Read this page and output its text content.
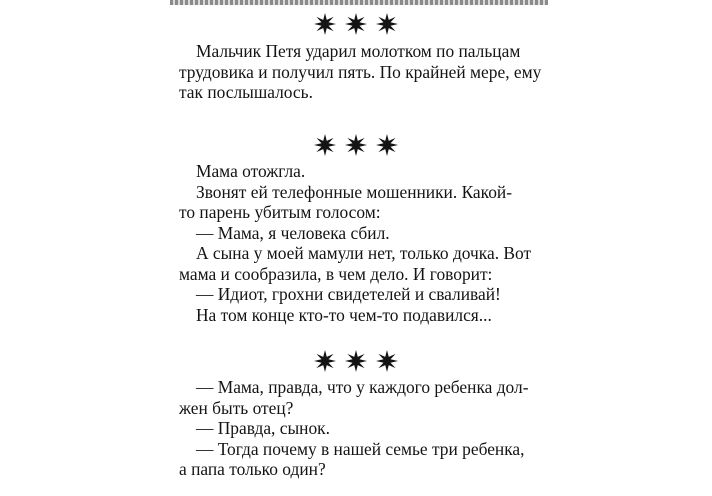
Мальчик Петя ударил молотком по пальцам
трудовика и получил пять. По крайней мере, ему
так послышалось.
Мама отожгла.
Звонят ей телефонные мошенники. Какой-
то парень убитым голосом:
— Мама, я человека сбил.
А сына у моей мамули нет, только дочка. Вот
мама и сообразила, в чем дело. И говорит:
— Идиот, грохни свидетелей и сваливай!
На том конце кто-то чем-то подавился...
— Мама, правда, что у каждого ребенка дол-
жен быть отец?
— Правда, сынок.
— Тогда почему в нашей семье три ребенка,
а папа только один?
